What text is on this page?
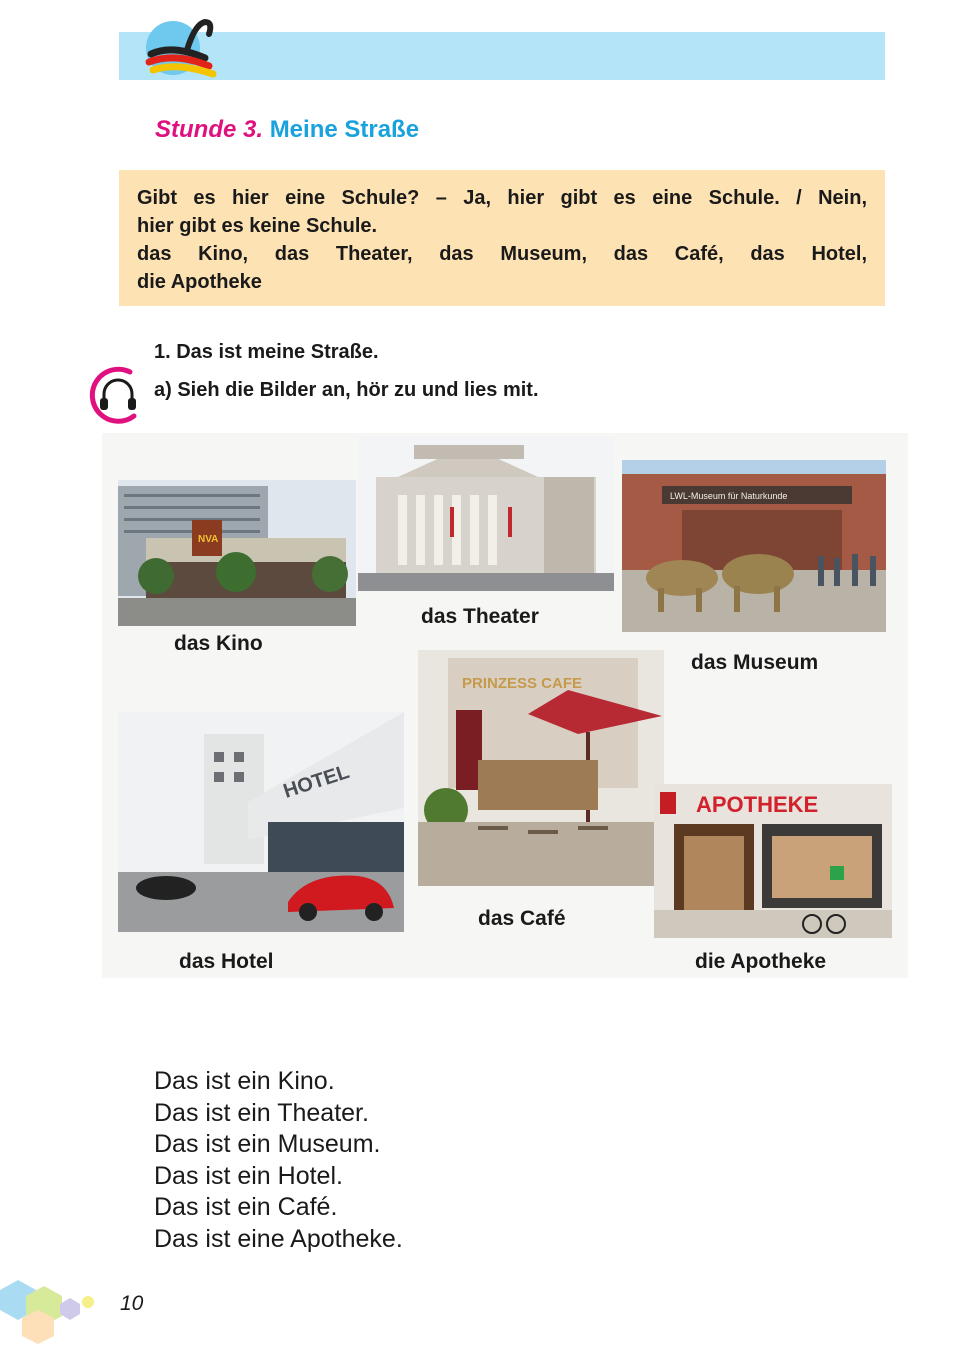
Stunde 3. Meine Straße
Gibt es hier eine Schule? – Ja, hier gibt es eine Schule. / Nein,
hier gibt es keine Schule.
das Kino, das Theater, das Museum, das Café, das Hotel,
die Apotheke
1. Das ist meine Straße.
a) Sieh die Bilder an, hör zu und lies mit.
NVA
das Kino
das Theater
LWL-Museum für Naturkunde
das Museum
PRINZESS CAFE
das Café
HOTEL
das Hotel
APOTHEKE
die Apotheke
Das ist ein Kino.
Das ist ein Theater.
Das ist ein Museum.
Das ist ein Hotel.
Das ist ein Café.
Das ist eine Apotheke.
10
